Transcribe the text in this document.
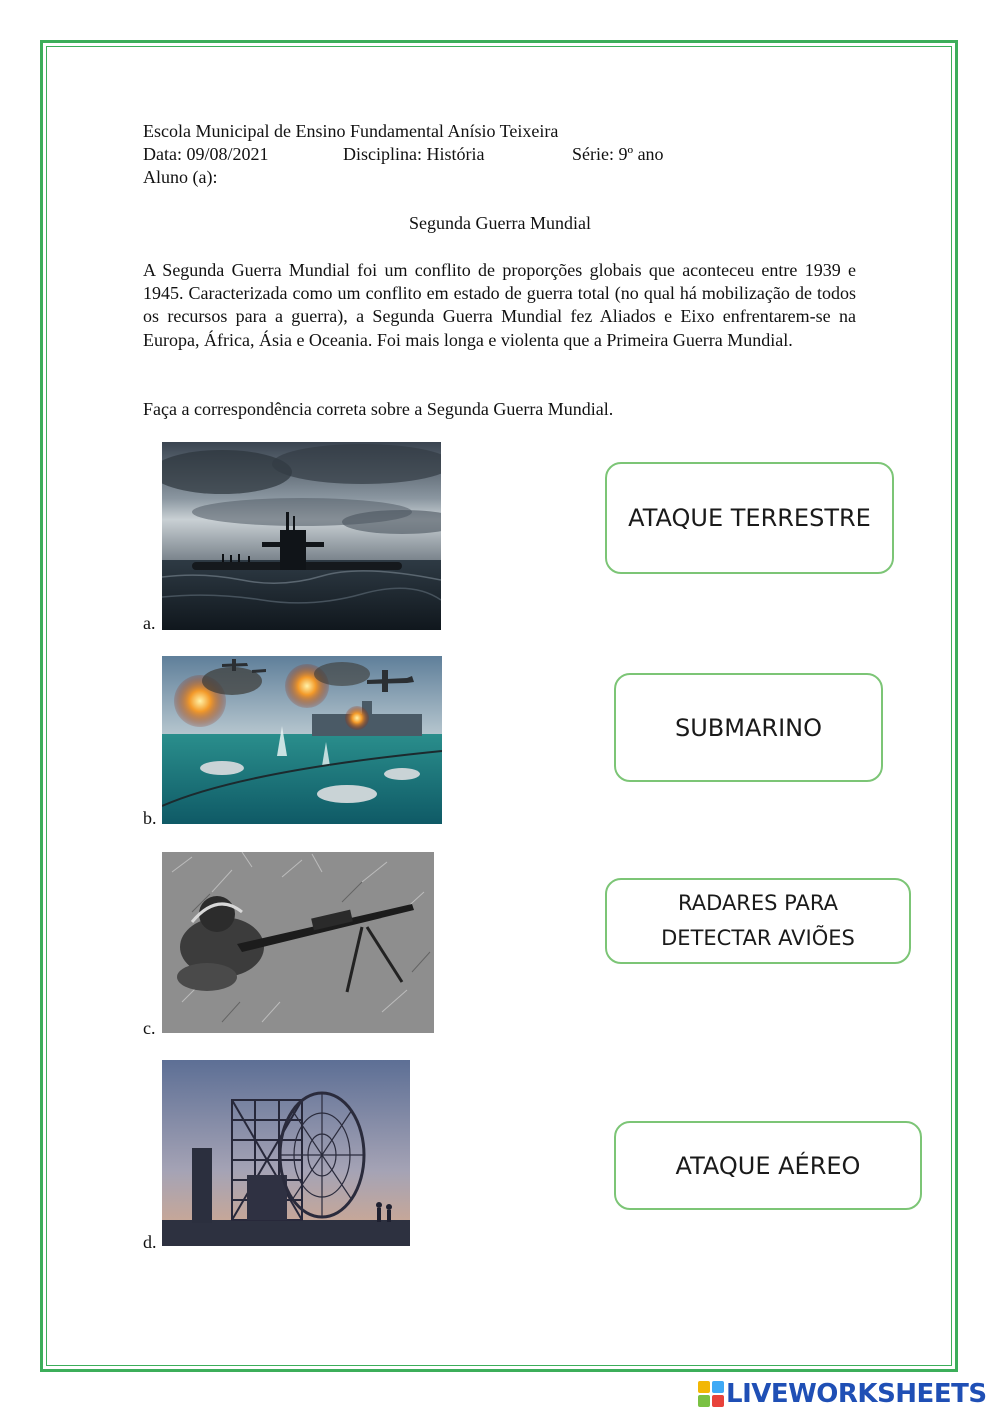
Escola Municipal de Ensino Fundamental Anísio Teixeira
Data: 09/08/2021	Disciplina: História	Série: 9º ano
Aluno (a):
Segunda Guerra Mundial
A Segunda Guerra Mundial foi um conflito de proporções globais que aconteceu entre 1939 e 1945. Caracterizada como um conflito em estado de guerra total (no qual há mobilização de todos os recursos para a guerra), a Segunda Guerra Mundial fez Aliados e Eixo enfrentarem-se na Europa, África, Ásia e Oceania. Foi mais longa e violenta que a Primeira Guerra Mundial.
Faça a correspondência correta sobre a Segunda Guerra Mundial.
a.
b.
c.
d.
ATAQUE TERRESTRE
SUBMARINO
RADARES PARA
DETECTAR AVIÕES
ATAQUE AÉREO
LIVEWORKSHEETS
